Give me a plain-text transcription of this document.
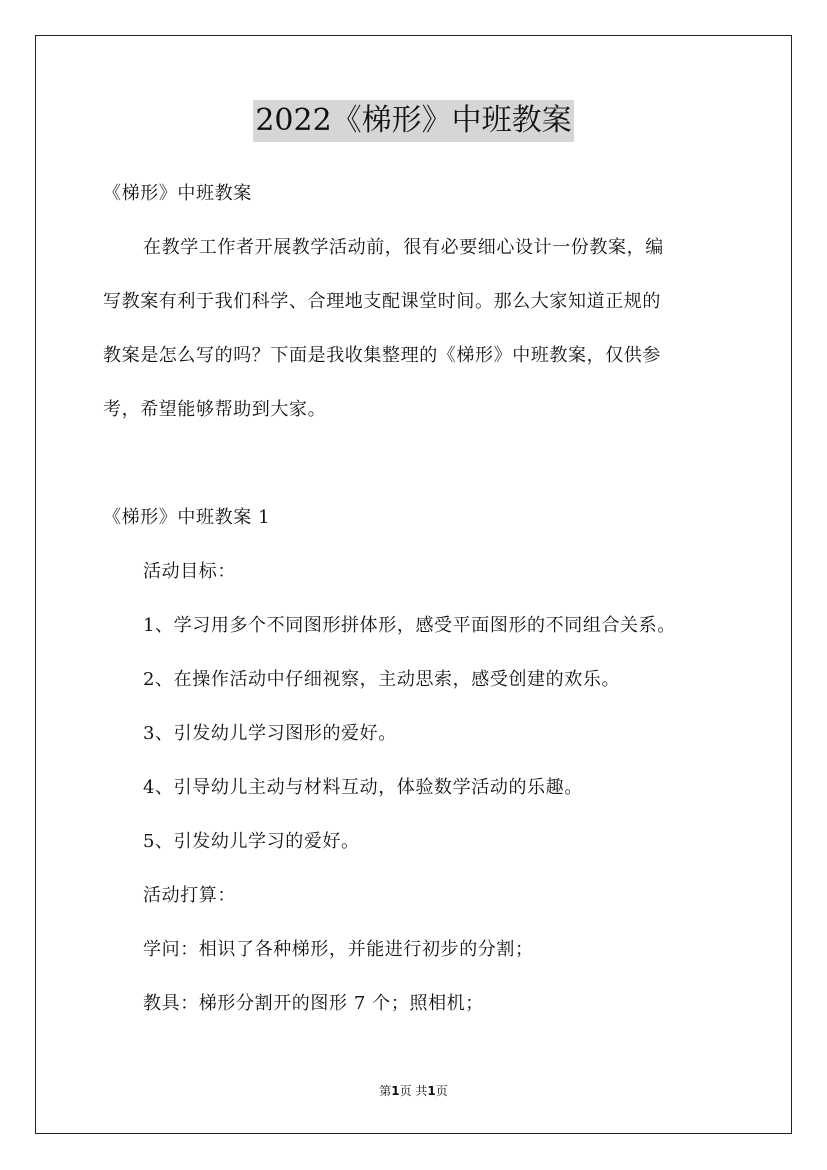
2022《梯形》中班教案
《梯形》中班教案
在教学工作者开展教学活动前，很有必要细心设计一份教案，编
写教案有利于我们科学、合理地支配课堂时间。那么大家知道正规的
教案是怎么写的吗？下面是我收集整理的《梯形》中班教案，仅供参
考，希望能够帮助到大家。
《梯形》中班教案 1
活动目标：
1、学习用多个不同图形拼体形，感受平面图形的不同组合关系。
2、在操作活动中仔细视察，主动思索，感受创建的欢乐。
3、引发幼儿学习图形的爱好。
4、引导幼儿主动与材料互动，体验数学活动的乐趣。
5、引发幼儿学习的爱好。
活动打算：
学问：相识了各种梯形，并能进行初步的分割；
教具：梯形分割开的图形 7 个；照相机；
第1页 共1页
